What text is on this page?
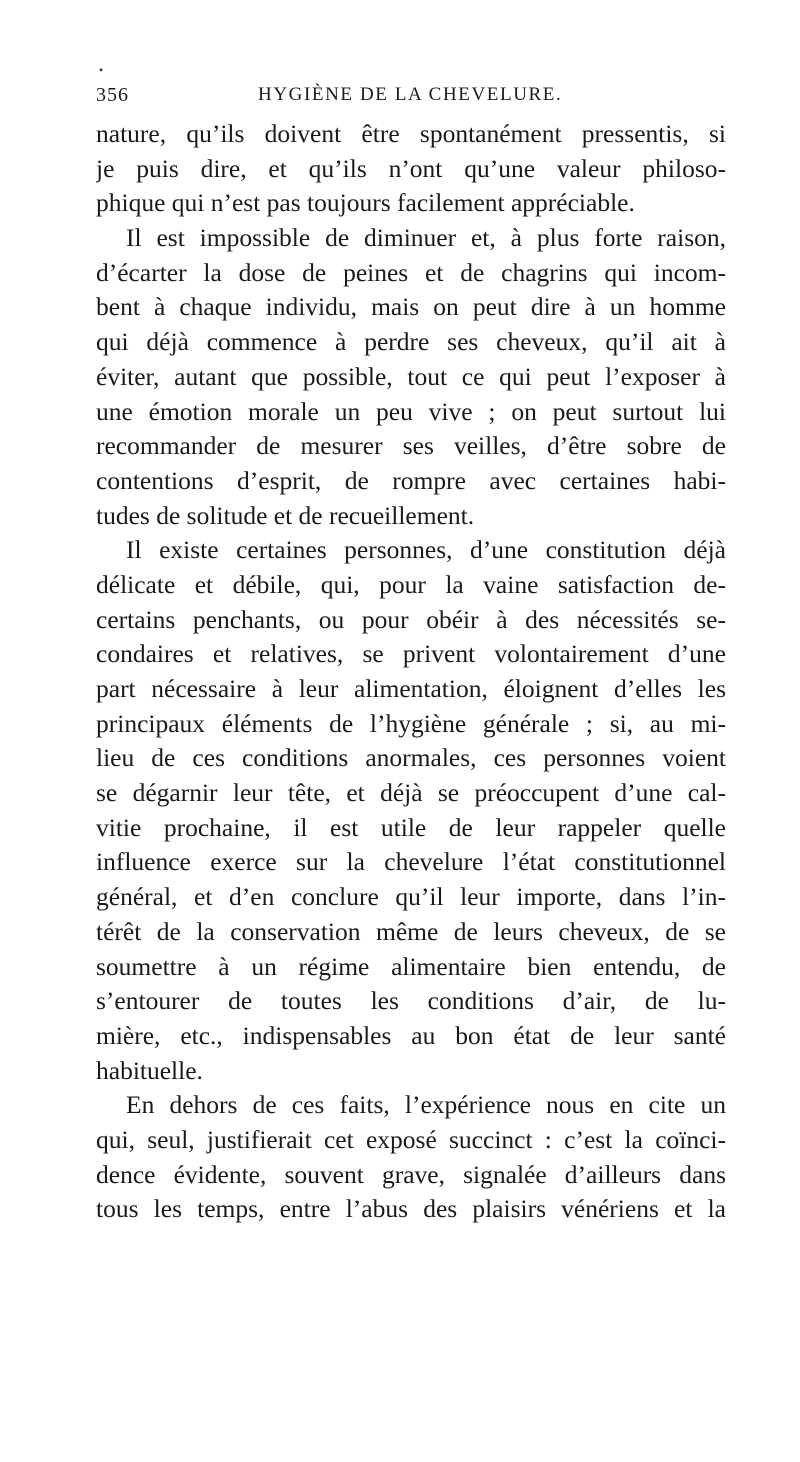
•
356	HYGIÈNE DE LA CHEVELURE.
nature, qu’ils doivent être spontanément pressentis, si
je puis dire, et qu’ils n’ont qu’une valeur philoso-
phique qui n’est pas toujours facilement appréciable.
Il est impossible de diminuer et, à plus forte raison,
d’écarter la dose de peines et de chagrins qui incom-
bent à chaque individu, mais on peut dire à un homme
qui déjà commence à perdre ses cheveux, qu’il ait à
éviter, autant que possible, tout ce qui peut l’exposer à
une émotion morale un peu vive ; on peut surtout lui
recommander de mesurer ses veilles, d’être sobre de
contentions d’esprit, de rompre avec certaines habi-
tudes de solitude et de recueillement.
Il existe certaines personnes, d’une constitution déjà
délicate et débile, qui, pour la vaine satisfaction de-
certains penchants, ou pour obéir à des nécessités se-
condaires et relatives, se privent volontairement d’une
part nécessaire à leur alimentation, éloignent d’elles les
principaux éléments de l’hygiène générale ; si, au mi-
lieu de ces conditions anormales, ces personnes voient
se dégarnir leur tête, et déjà se préoccupent d’une cal-
vitie prochaine, il est utile de leur rappeler quelle
influence exerce sur la chevelure l’état constitutionnel
général, et d’en conclure qu’il leur importe, dans l’in-
térêt de la conservation même de leurs cheveux, de se
soumettre à un régime alimentaire bien entendu, de
s’entourer de toutes les conditions d’air, de lu-
mière, etc., indispensables au bon état de leur santé
habituelle.
En dehors de ces faits, l’expérience nous en cite un
qui, seul, justifierait cet exposé succinct : c’est la coïnci-
dence évidente, souvent grave, signalée d’ailleurs dans
tous les temps, entre l’abus des plaisirs vénériens et la
